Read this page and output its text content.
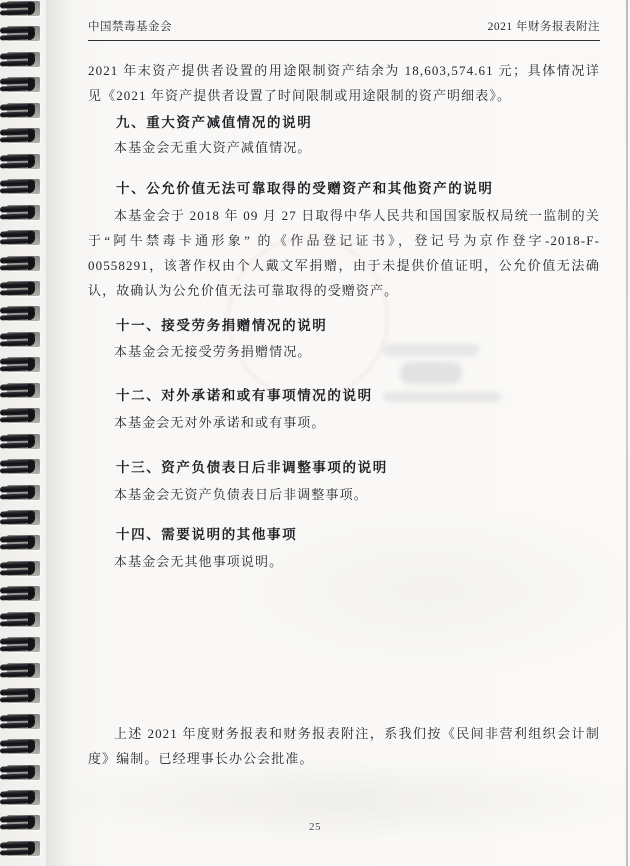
中国禁毒基金会	2021 年财务报表附注
2021 年末资产提供者设置的用途限制资产结余为 18,603,574.61 元；具体情况详见《2021 年资产提供者设置了时间限制或用途限制的资产明细表》。
九、重大资产减值情况的说明
本基金会无重大资产减值情况。
十、公允价值无法可靠取得的受赠资产和其他资产的说明
本基金会于 2018 年 09 月 27 日取得中华人民共和国国家版权局统一监制的关于“阿牛禁毒卡通形象” 的《作品登记证书》，登记号为京作登字-2018-F-00558291，该著作权由个人戴文军捐赠，由于未提供价值证明，公允价值无法确认，故确认为公允价值无法可靠取得的受赠资产。
十一、接受劳务捐赠情况的说明
本基金会无接受劳务捐赠情况。
十二、对外承诺和或有事项情况的说明
本基金会无对外承诺和或有事项。
十三、资产负债表日后非调整事项的说明
本基金会无资产负债表日后非调整事项。
十四、需要说明的其他事项
本基金会无其他事项说明。
上述 2021 年度财务报表和财务报表附注，系我们按《民间非营利组织会计制度》编制。已经理事长办公会批准。
25
